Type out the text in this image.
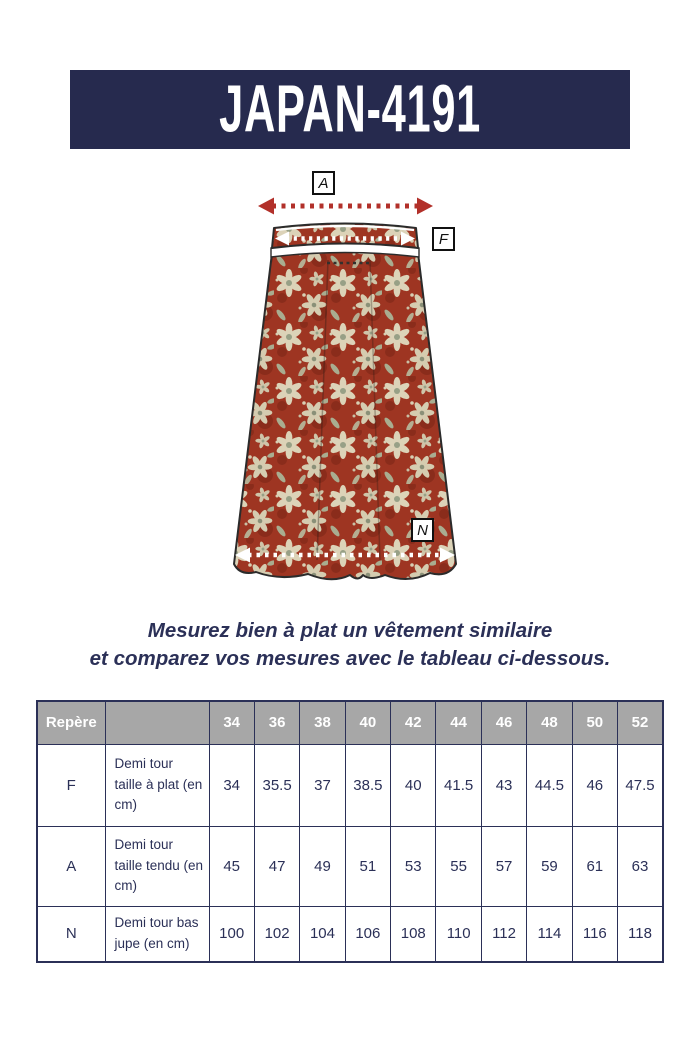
JAPAN-4191
A
F
N
Mesurez bien à plat un vêtement similaire
et comparez vos mesures avec le tableau ci-dessous.
Repère		34	36	38	40	42	44	46	48	50	52
F	Demi tour taille à plat (en cm)	34	35.5	37	38.5	40	41.5	43	44.5	46	47.5
A	Demi tour taille tendu (en cm)	45	47	49	51	53	55	57	59	61	63
N	Demi tour bas jupe (en cm)	100	102	104	106	108	110	112	114	116	118
